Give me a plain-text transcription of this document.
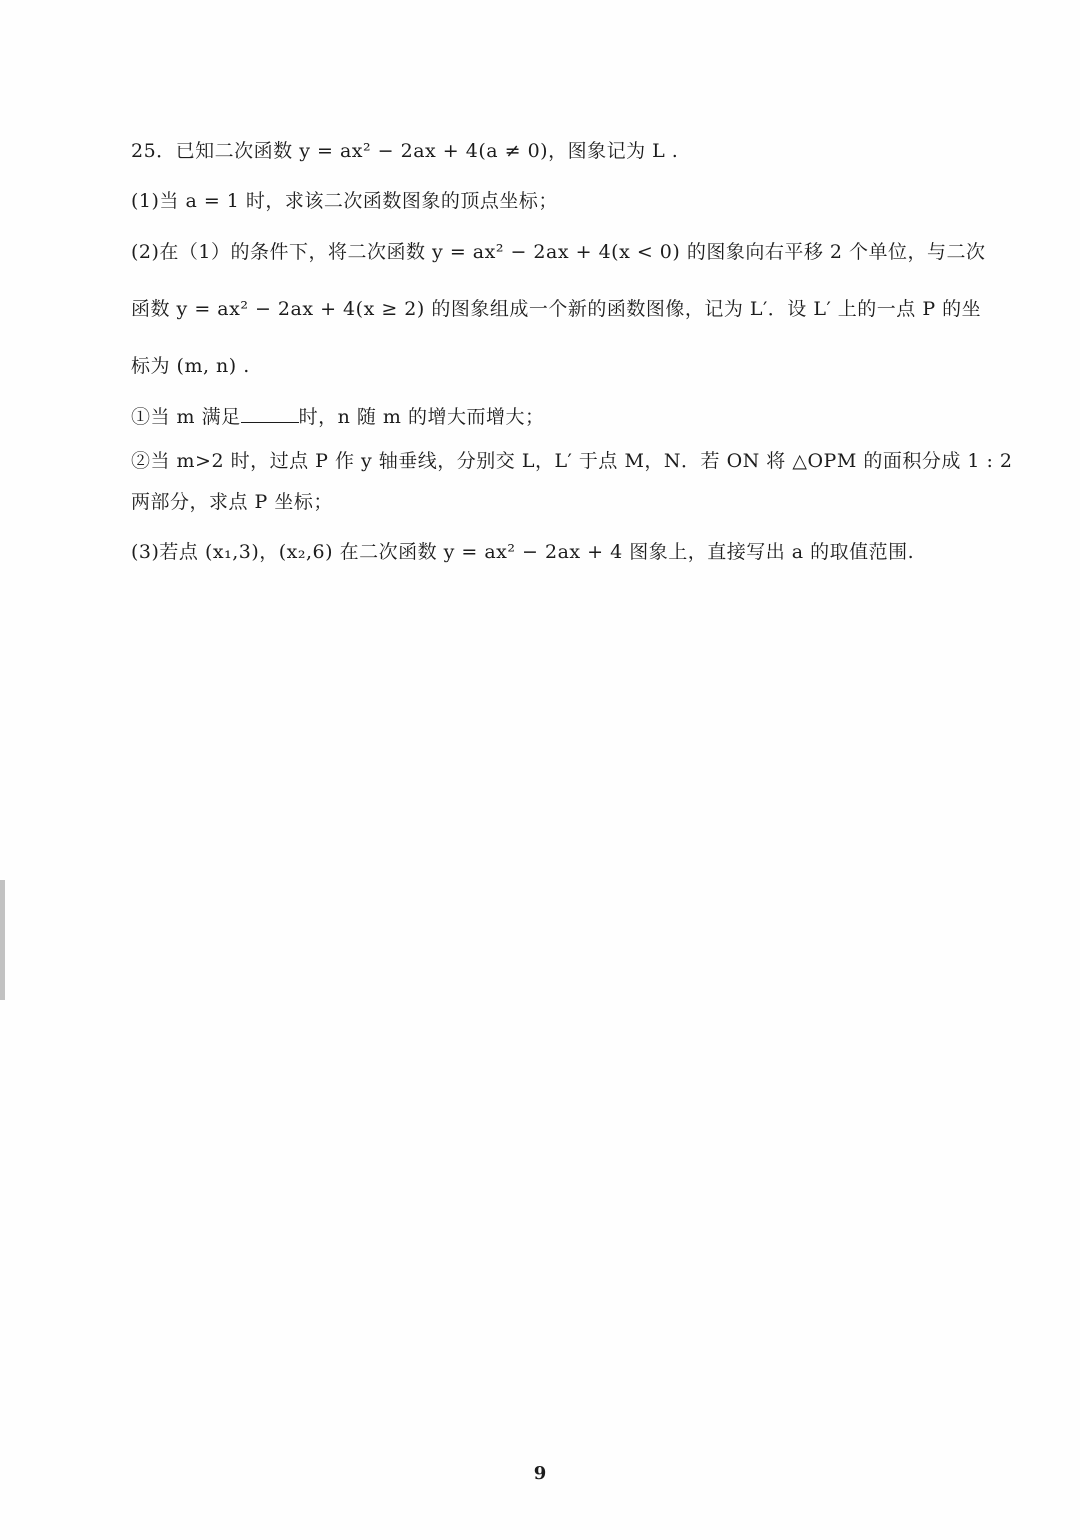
25．已知二次函数 y = ax² − 2ax + 4(a ≠ 0)，图象记为 L .
(1)当 a = 1 时，求该二次函数图象的顶点坐标；
(2)在（1）的条件下，将二次函数 y = ax² − 2ax + 4(x < 0) 的图象向右平移 2 个单位，与二次
函数 y = ax² − 2ax + 4(x ≥ 2) 的图象组成一个新的函数图像，记为 L′．设 L′ 上的一点 P 的坐
标为 (m, n) .
①当 m 满足	时，n 随 m 的增大而增大；
②当 m>2 时，过点 P 作 y 轴垂线，分别交 L，L′ 于点 M，N．若 ON 将 △OPM 的面积分成 1 : 2
两部分，求点 P 坐标；
(3)若点 (x₁,3)，(x₂,6) 在二次函数 y = ax² − 2ax + 4 图象上，直接写出 a 的取值范围.
9
